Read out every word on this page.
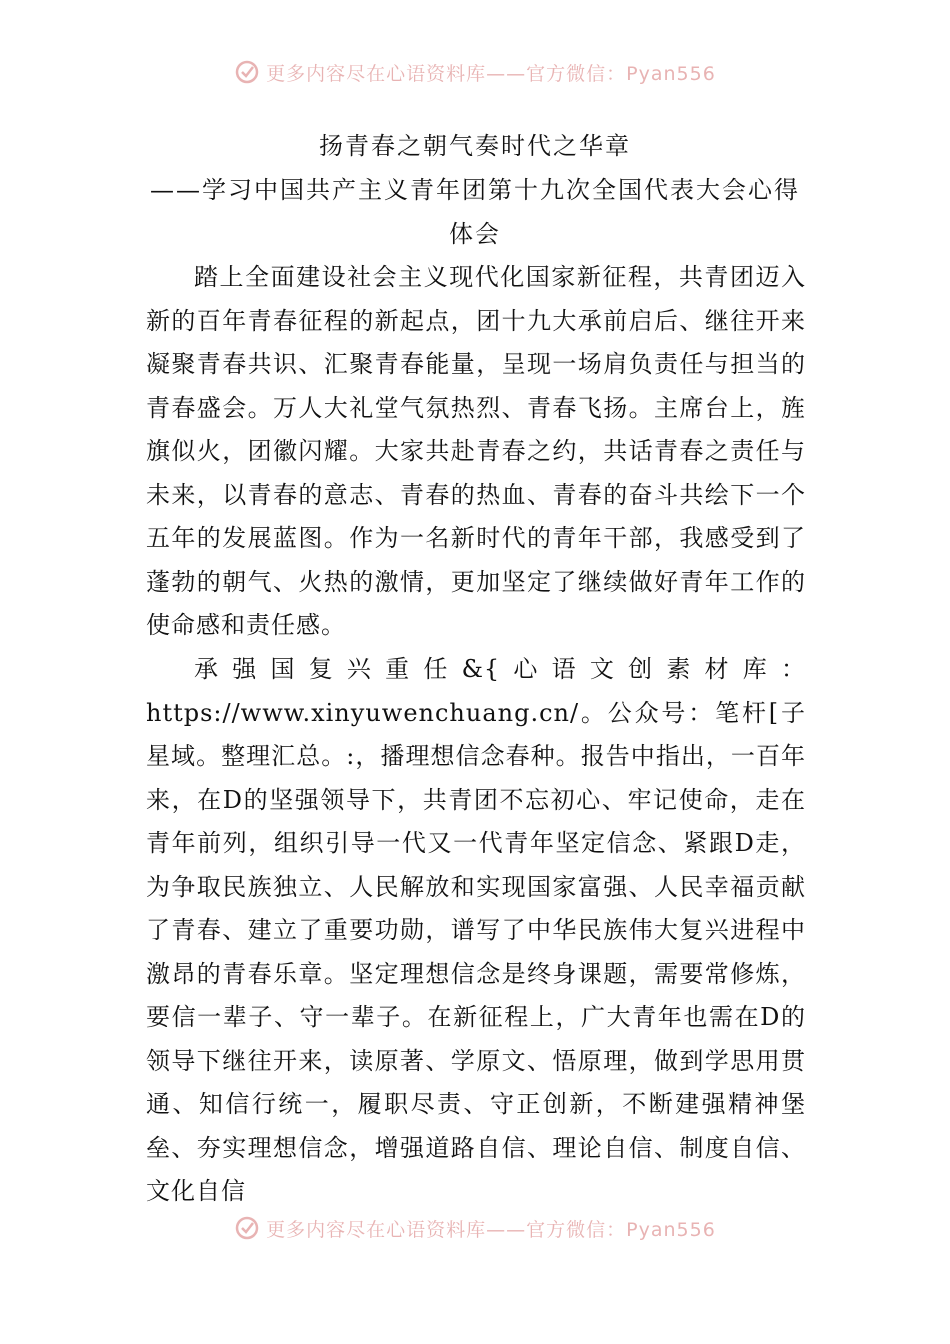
更多内容尽在心语资料库——官方微信：Pyan556
扬青春之朝气奏时代之华章
——学习中国共产主义青年团第十九次全国代表大会心得
体会

踏上全面建设社会主义现代化国家新征程，共青团迈入新的百年青春征程的新起点，团十九大承前启后、继往开来凝聚青春共识、汇聚青春能量，呈现一场肩负责任与担当的青春盛会。万人大礼堂气氛热烈、青春飞扬。主席台上，旌旗似火，团徽闪耀。大家共赴青春之约，共话青春之责任与未来，以青春的意志、青春的热血、青春的奋斗共绘下一个五年的发展蓝图。作为一名新时代的青年干部，我感受到了蓬勃的朝气、火热的激情，更加坚定了继续做好青年工作的使命感和责任感。

承强国复兴重任&{心语文创素材库：https://www.xinyuwenchuang.cn/。公众号：笔杆[子星域。整理汇总。:，播理想信念春种。报告中指出，一百年来，在D的坚强领导下，共青团不忘初心、牢记使命，走在青年前列，组织引导一代又一代青年坚定信念、紧跟D走，为争取民族独立、人民解放和实现国家富强、人民幸福贡献了青春、建立了重要功勋，谱写了中华民族伟大复兴进程中激昂的青春乐章。坚定理想信念是终身课题，需要常修炼，要信一辈子、守一辈子。在新征程上，广大青年也需在D的领导下继往开来，读原著、学原文、悟原理，做到学思用贯通、知信行统一，履职尽责、守正创新，不断建强精神堡垒、夯实理想信念，增强道路自信、理论自信、制度自信、文化自信

更多内容尽在心语资料库——官方微信：Pyan556
